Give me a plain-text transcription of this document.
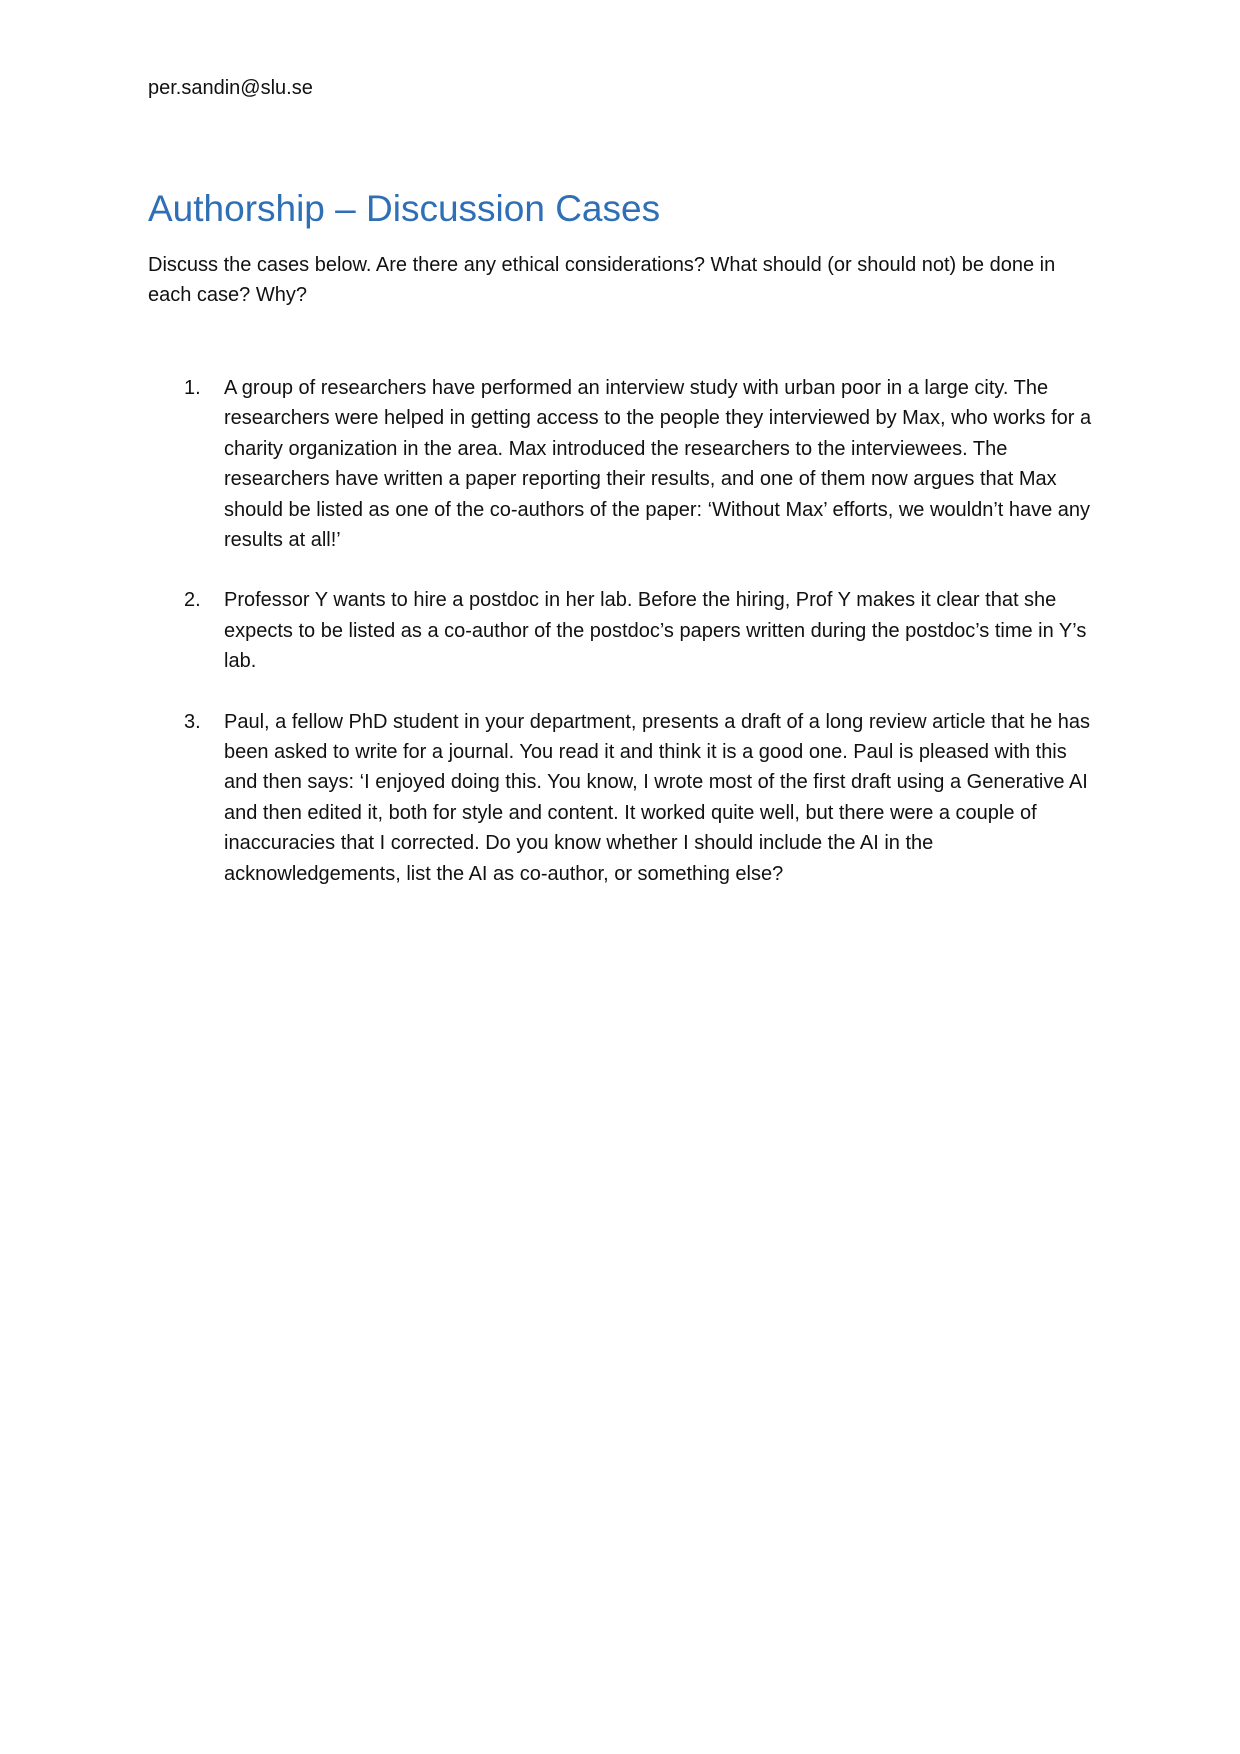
per.sandin@slu.se
Authorship – Discussion Cases

Discuss the cases below. Are there any ethical considerations? What should (or should not) be done in each case? Why?

1. A group of researchers have performed an interview study with urban poor in a large city. The researchers were helped in getting access to the people they interviewed by Max, who works for a charity organization in the area. Max introduced the researchers to the interviewees. The researchers have written a paper reporting their results, and one of them now argues that Max should be listed as one of the co-authors of the paper: ‘Without Max’ efforts, we wouldn’t have any results at all!’
2. Professor Y wants to hire a postdoc in her lab. Before the hiring, Prof Y makes it clear that she expects to be listed as a co-author of the postdoc’s papers written during the postdoc’s time in Y’s lab.
3. Paul, a fellow PhD student in your department, presents a draft of a long review article that he has been asked to write for a journal. You read it and think it is a good one. Paul is pleased with this and then says: ‘I enjoyed doing this. You know, I wrote most of the first draft using a Generative AI and then edited it, both for style and content. It worked quite well, but there were a couple of inaccuracies that I corrected. Do you know whether I should include the AI in the acknowledgements, list the AI as co-author, or something else?
